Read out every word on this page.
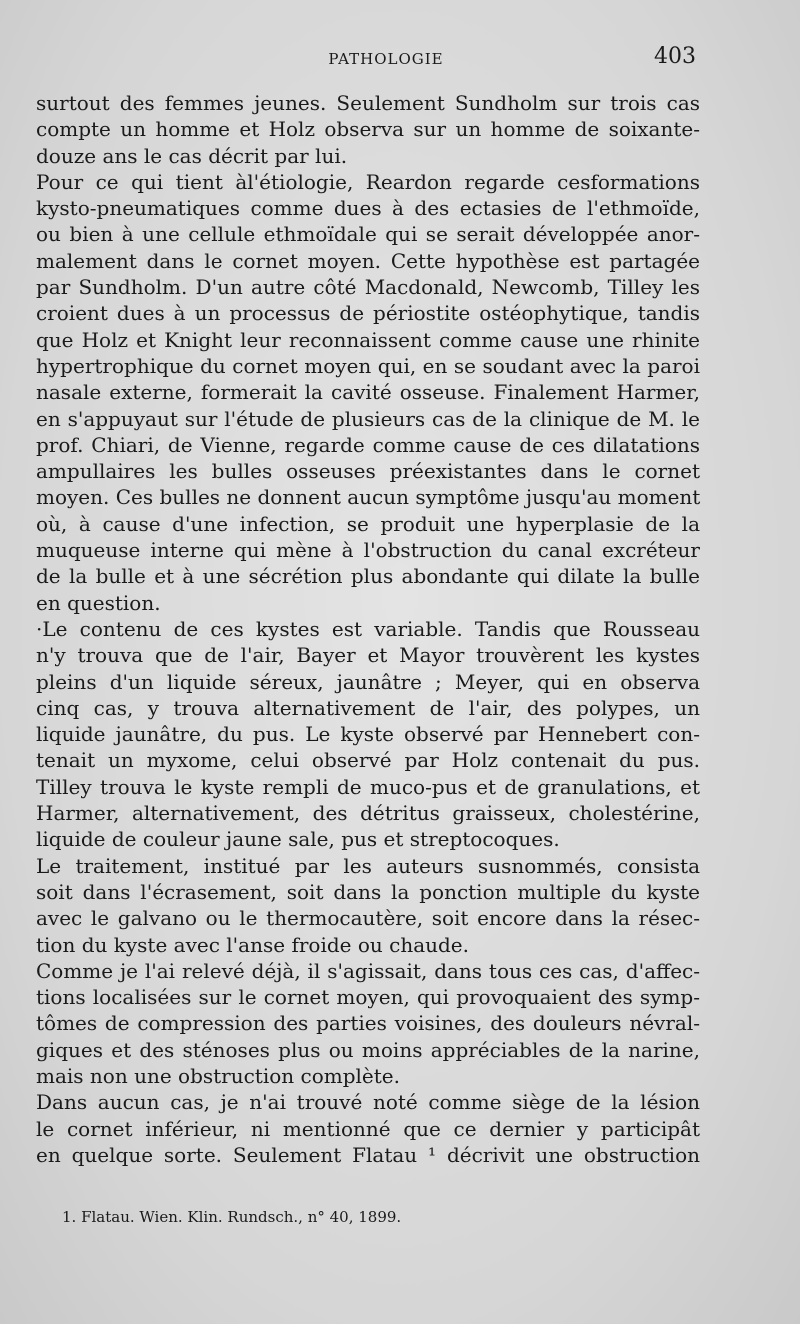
PATHOLOGIE	403
surtout des femmes jeunes. Seulement Sundholm sur trois cas
compte un homme et Holz observa sur un homme de soixante-
douze ans le cas décrit par lui.
Pour ce qui tient àl'étiologie, Reardon regarde cesformations
kysto-pneumatiques comme dues à des ectasies de l'ethmoïde,
ou bien à une cellule ethmoïdale qui se serait développée anor-
malement dans le cornet moyen. Cette hypothèse est partagée
par Sundholm. D'un autre côté Macdonald, Newcomb, Tilley les
croient dues à un processus de périostite ostéophytique, tandis
que Holz et Knight leur reconnaissent comme cause une rhinite
hypertrophique du cornet moyen qui, en se soudant avec la paroi
nasale externe, formerait la cavité osseuse. Finalement Harmer,
en s'appuyaut sur l'étude de plusieurs cas de la clinique de M. le
prof. Chiari, de Vienne, regarde comme cause de ces dilatations
ampullaires les bulles osseuses préexistantes dans le cornet
moyen. Ces bulles ne donnent aucun symptôme jusqu'au moment
où, à cause d'une infection, se produit une hyperplasie de la
muqueuse interne qui mène à l'obstruction du canal excréteur
de la bulle et à une sécrétion plus abondante qui dilate la bulle
en question.
·Le contenu de ces kystes est variable. Tandis que Rousseau
n'y trouva que de l'air, Bayer et Mayor trouvèrent les kystes
pleins d'un liquide séreux, jaunâtre ; Meyer, qui en observa
cinq cas, y trouva alternativement de l'air, des polypes, un
liquide jaunâtre, du pus. Le kyste observé par Hennebert con-
tenait un myxome, celui observé par Holz contenait du pus.
Tilley trouva le kyste rempli de muco-pus et de granulations, et
Harmer, alternativement, des détritus graisseux, cholestérine,
liquide de couleur jaune sale, pus et streptocoques.
Le traitement, institué par les auteurs susnommés, consista
soit dans l'écrasement, soit dans la ponction multiple du kyste
avec le galvano ou le thermocautère, soit encore dans la résec-
tion du kyste avec l'anse froide ou chaude.
Comme je l'ai relevé déjà, il s'agissait, dans tous ces cas, d'affec-
tions localisées sur le cornet moyen, qui provoquaient des symp-
tômes de compression des parties voisines, des douleurs névral-
giques et des sténoses plus ou moins appréciables de la narine,
mais non une obstruction complète.
Dans aucun cas, je n'ai trouvé noté comme siège de la lésion
le cornet inférieur, ni mentionné que ce dernier y participât
en quelque sorte. Seulement Flatau ¹ décrivit une obstruction
1. Flatau. Wien. Klin. Rundsch., n° 40, 1899.
